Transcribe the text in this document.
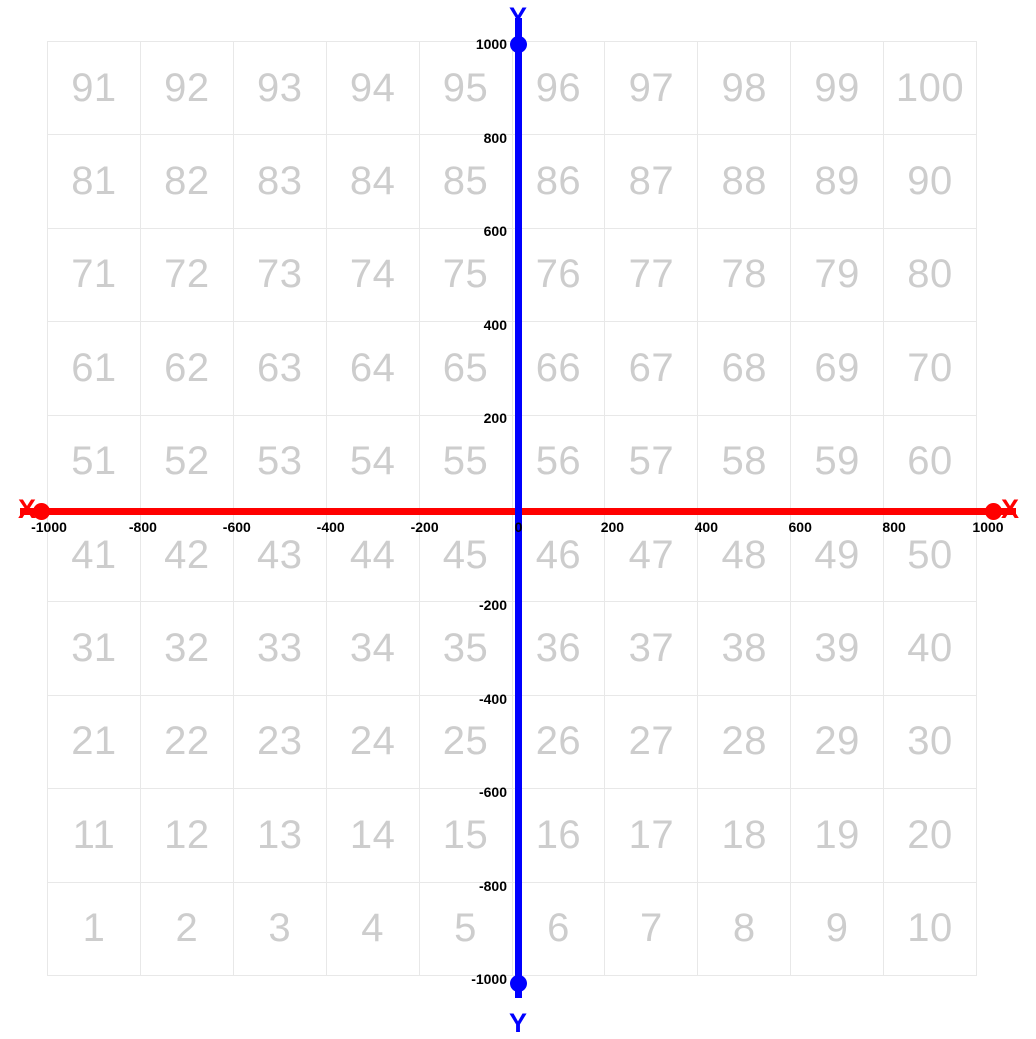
91	92	93	94	95	96	97	98	99 100
81	82	83	84	85	86	87	88	89	90
71	72	73	74	75	76	77	78	79	80
61	62	63	64	65	66	67	68	69	70
51	52	53	54	55	56	57	58	59	60
41	42	43	44	45	46	47	48	49	50
31	32	33	34	35	36	37	38	39	40
21	22	23	24	25	26	27	28	29	30
11	12	13	14	15	16	17	18	19	20
1	2	3	4	5	6	7	8	9	10
X	X
Y
Y
-1000	-800	-600	-400	-200	0	200	400	600	800	1000
-1000
-800
-600
-400
-200
200
400
600
800
1000
